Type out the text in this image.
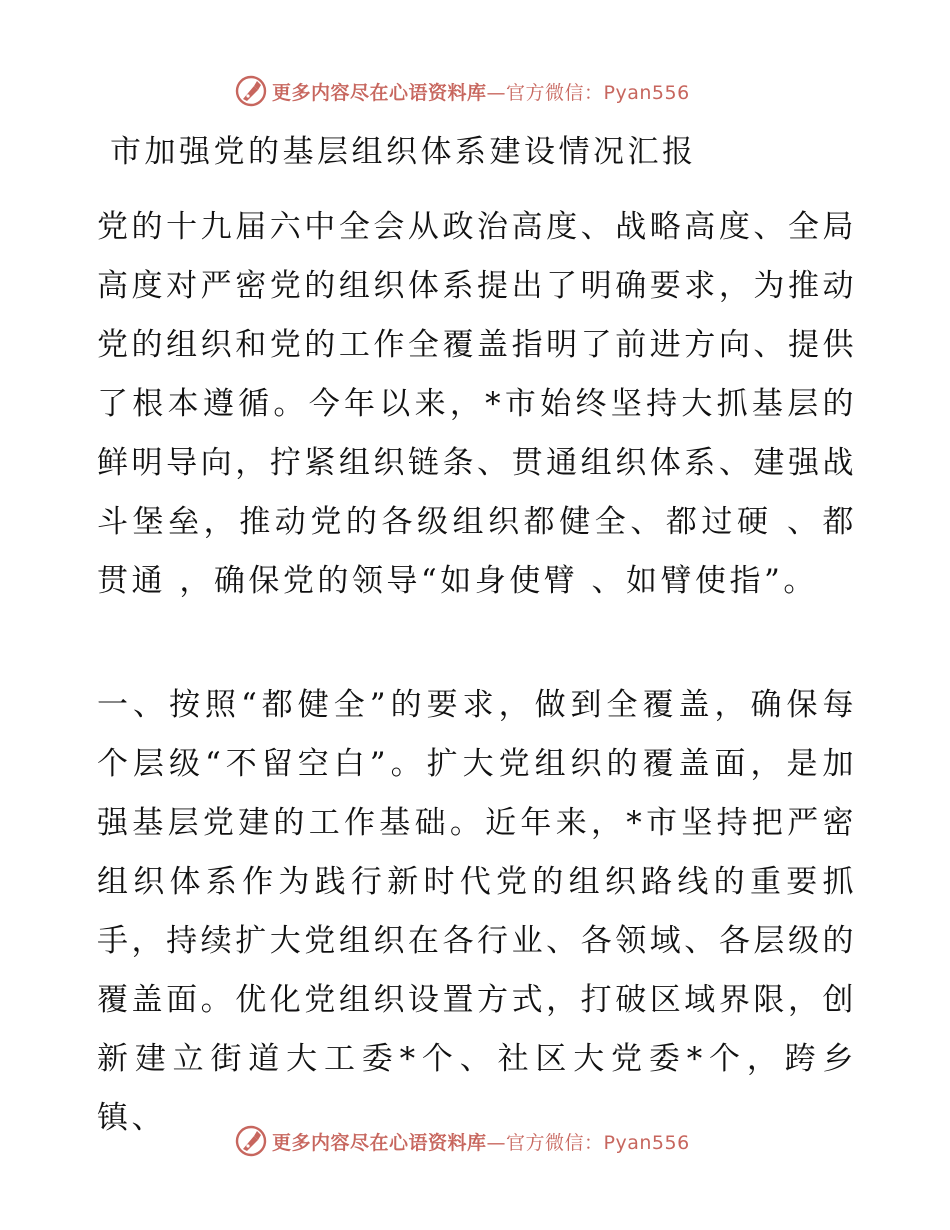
更多内容尽在心语资料库—官方微信：Pyan556
市加强党的基层组织体系建设情况汇报

党的十九届六中全会从政治高度、战略高度、全局高度对严密党的组织体系提出了明确要求，为推动党的组织和党的工作全覆盖指明了前进方向、提供了根本遵循。今年以来，*市始终坚持大抓基层的鲜明导向，拧紧组织链条、贯通组织体系、建强战斗堡垒，推动党的各级组织都健全、都过硬 、都贯通 ，确保党的领导“如身使臂 、如臂使指”。

一、按照“都健全”的要求，做到全覆盖，确保每个层级“不留空白”。扩大党组织的覆盖面，是加强基层党建的工作基础。近年来，*市坚持把严密组织体系作为践行新时代党的组织路线的重要抓手，持续扩大党组织在各行业、各领域、各层级的覆盖面。优化党组织设置方式，打破区域界限，创新建立街道大工委*个、社区大党委*个，跨乡镇、

更多内容尽在心语资料库—官方微信：Pyan556
